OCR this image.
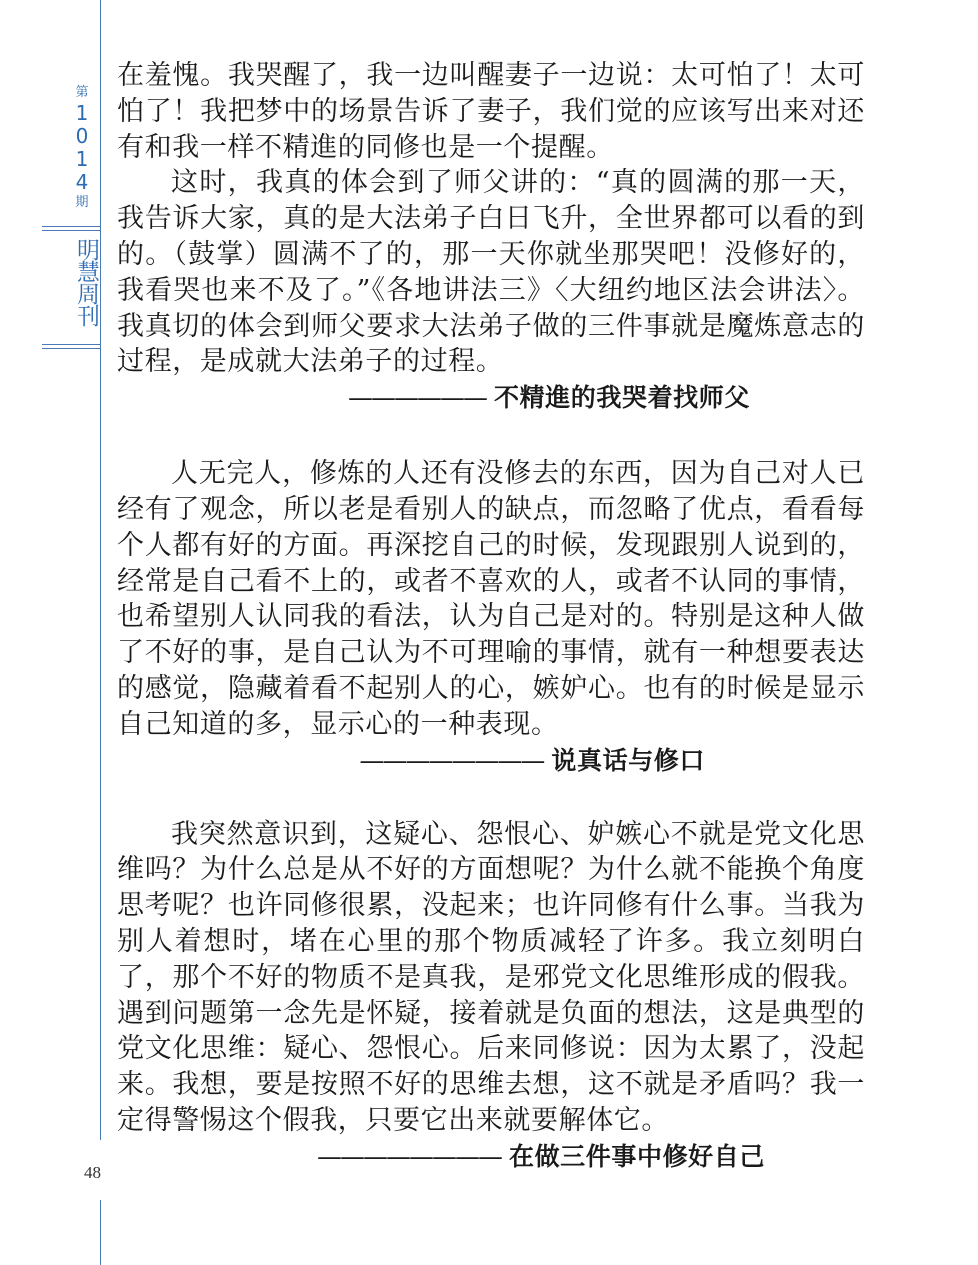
第
1
0
1
4
期
明慧周刊
48

在羞愧。我哭醒了，我一边叫醒妻子一边说：太可怕了！太可怕了！我把梦中的场景告诉了妻子，我们觉的应该写出来对还有和我一样不精進的同修也是一个提醒。

这时，我真的体会到了师父讲的：“真的圆满的那一天，我告诉大家，真的是大法弟子白日飞升，全世界都可以看的到的。（鼓掌）圆满不了的，那一天你就坐那哭吧！没修好的，我看哭也来不及了。”《各地讲法三》〈大纽约地区法会讲法〉。我真切的体会到师父要求大法弟子做的三件事就是魔炼意志的过程，是成就大法弟子的过程。

—————— 不精進的我哭着找师父

人无完人，修炼的人还有没修去的东西，因为自己对人已经有了观念，所以老是看别人的缺点，而忽略了优点，看看每个人都有好的方面。再深挖自己的时候，发现跟别人说到的，经常是自己看不上的，或者不喜欢的人，或者不认同的事情，也希望别人认同我的看法，认为自己是对的。特别是这种人做了不好的事，是自己认为不可理喻的事情，就有一种想要表达的感觉，隐藏着看不起别人的心，嫉妒心。也有的时候是显示自己知道的多，显示心的一种表现。

———————— 说真话与修口

我突然意识到，这疑心、怨恨心、妒嫉心不就是党文化思维吗？为什么总是从不好的方面想呢？为什么就不能换个角度思考呢？也许同修很累，没起来；也许同修有什么事。当我为别人着想时，堵在心里的那个物质减轻了许多。我立刻明白了，那个不好的物质不是真我，是邪党文化思维形成的假我。遇到问题第一念先是怀疑，接着就是负面的想法，这是典型的党文化思维：疑心、怨恨心。后来同修说：因为太累了，没起来。我想，要是按照不好的思维去想，这不就是矛盾吗？我一定得警惕这个假我，只要它出来就要解体它。

———————— 在做三件事中修好自己
